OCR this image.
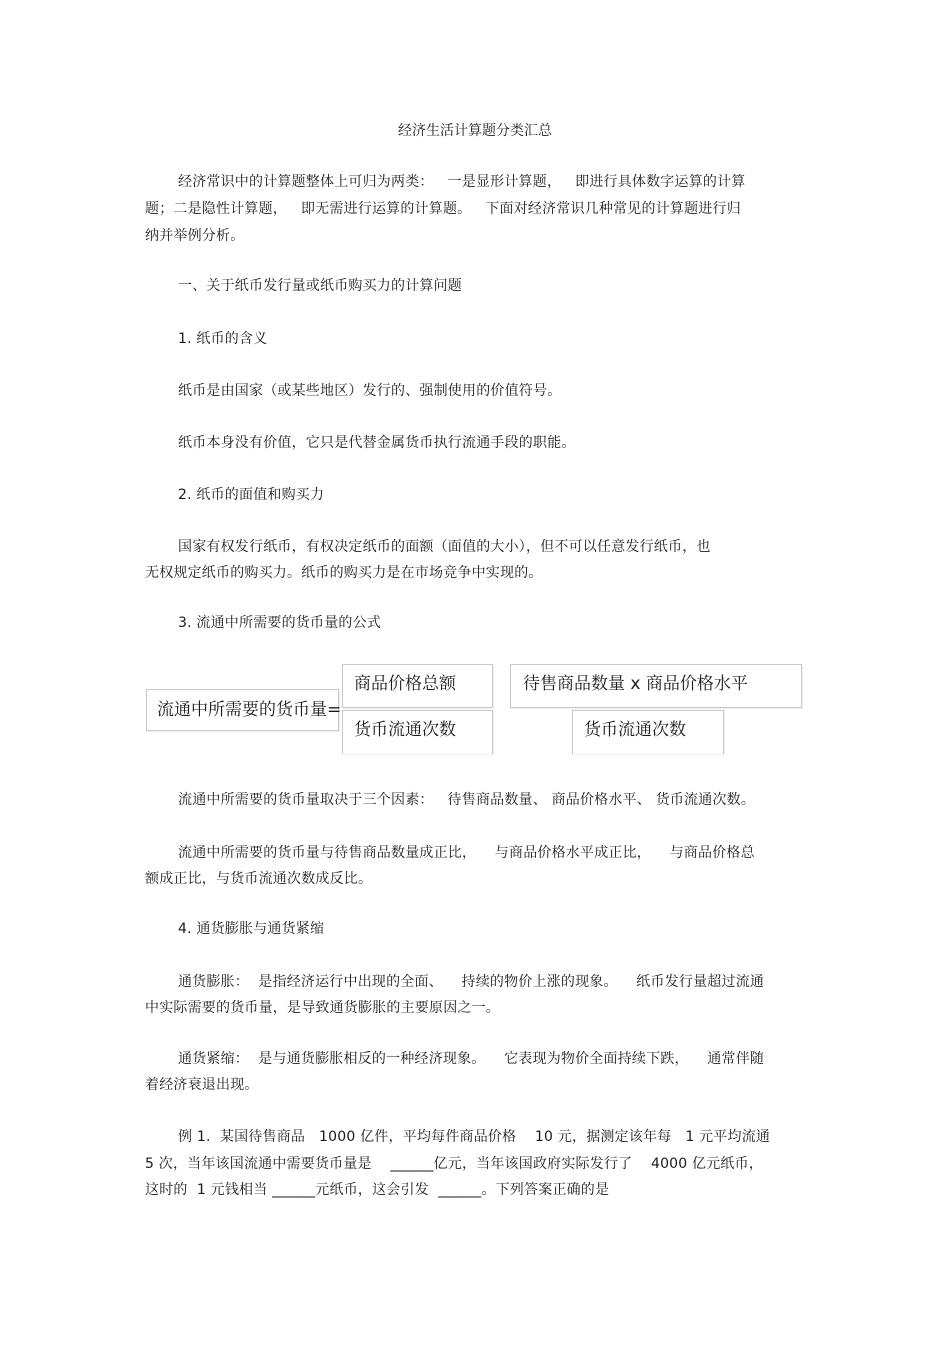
经济生活计算题分类汇总
经济常识中的计算题整体上可归为两类：   一是显形计算题，   即进行具体数字运算的计算
题；二是隐性计算题，   即无需进行运算的计算题。   下面对经济常识几种常见的计算题进行归
纳并举例分析。
一、关于纸币发行量或纸币购买力的计算问题
1. 纸币的含义
纸币是由国家（或某些地区）发行的、强制使用的价值符号。
纸币本身没有价值，它只是代替金属货币执行流通手段的职能。
2. 纸币的面值和购买力
国家有权发行纸币，有权决定纸币的面额（面值的大小），但不可以任意发行纸币，也
无权规定纸币的购买力。纸币的购买力是在市场竞争中实现的。
3. 流通中所需要的货币量的公式
流通中所需要的货币量=
商品价格总额
货币流通次数
待售商品数量 x 商品价格水平
货币流通次数
流通中所需要的货币量取决于三个因素：   待售商品数量、 商品价格水平、 货币流通次数。
流通中所需要的货币量与待售商品数量成正比，    与商品价格水平成正比，    与商品价格总
额成正比，与货币流通次数成反比。
4. 通货膨胀与通货紧缩
通货膨胀：  是指经济运行中出现的全面、    持续的物价上涨的现象。    纸币发行量超过流通
中实际需要的货币量，是导致通货膨胀的主要原因之一。
通货紧缩：  是与通货膨胀相反的一种经济现象。    它表现为物价全面持续下跌，    通常伴随
着经济衰退出现。
例 1.  某国待售商品   1000 亿件，平均每件商品价格    10 元，据测定该年每   1 元平均流通
5 次，当年该国流通中需要货币量是    ______亿元，当年该国政府实际发行了    4000 亿元纸币，
这时的  1 元钱相当 ______元纸币，这会引发  ______。下列答案正确的是
